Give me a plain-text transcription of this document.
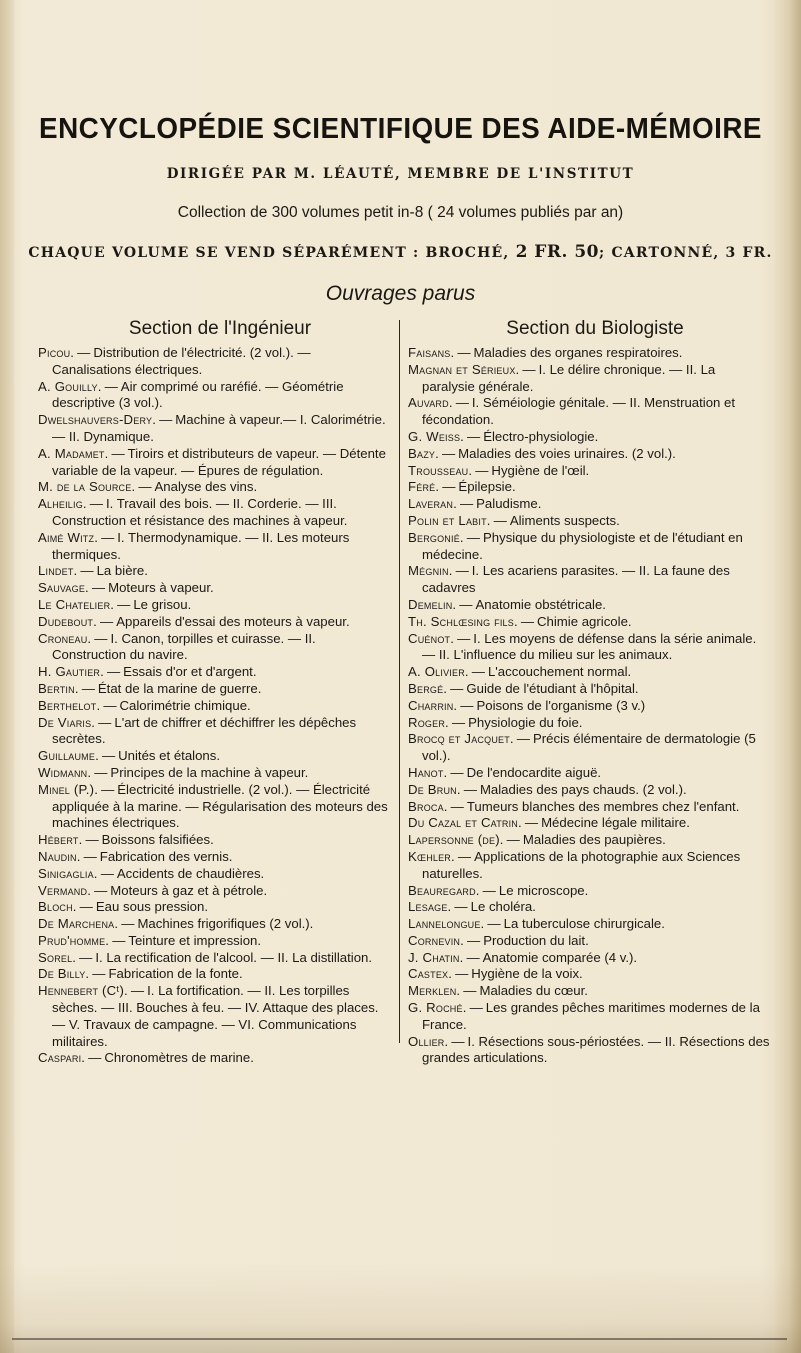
ENCYCLOPÉDIE SCIENTIFIQUE DES AIDE-MÉMOIRE
DIRIGÉE PAR M. LÉAUTÉ, MEMBRE DE L'INSTITUT
Collection de 300 volumes petit in-8 ( 24 volumes publiés par an)
CHAQUE VOLUME SE VEND SÉPARÉMENT : BROCHÉ, 2 FR. 50; CARTONNÉ, 3 FR.
Ouvrages parus
Section de l'Ingénieur
Picou. — Distribution de l'électricité. (2 vol.). — Canalisations électriques.
A. Gouilly. — Air comprimé ou raréfié. — Géométrie descriptive (3 vol.).
Dwelshauvers-Dery. — Machine à vapeur.— I. Calorimétrie. — II. Dynamique.
A. Madamet. — Tiroirs et distributeurs de vapeur. — Détente variable de la vapeur. — Épures de régulation.
M. de la Source. — Analyse des vins.
Alheilig. — I. Travail des bois. — II. Corderie. — III. Construction et résistance des machines à vapeur.
Aimé Witz. — I. Thermodynamique. — II. Les moteurs thermiques.
Lindet. — La bière.
Sauvage. — Moteurs à vapeur.
Le Chatelier. — Le grisou.
Dudebout. — Appareils d'essai des moteurs à vapeur.
Croneau. — I. Canon, torpilles et cuirasse. — II. Construction du navire.
H. Gautier. — Essais d'or et d'argent.
Bertin. — État de la marine de guerre.
Berthelot. — Calorimétrie chimique.
De Viaris. — L'art de chiffrer et déchiffrer les dépêches secrètes.
Guillaume. — Unités et étalons.
Widmann. — Principes de la machine à vapeur.
Minel (P.). — Électricité industrielle. (2 vol.). — Électricité appliquée à la marine. — Régularisation des moteurs des machines électriques.
Hébert. — Boissons falsifiées.
Naudin. — Fabrication des vernis.
Sinigaglia. — Accidents de chaudières.
Vermand. — Moteurs à gaz et à pétrole.
Bloch. — Eau sous pression.
De Marchena. — Machines frigorifiques (2 vol.).
Prud'homme. — Teinture et impression.
Sorel. — I. La rectification de l'alcool. — II. La distillation.
De Billy. — Fabrication de la fonte.
Hennebert (Cᵗ). — I. La fortification. — II. Les torpilles sèches. — III. Bouches à feu. — IV. Attaque des places. — V. Travaux de campagne. — VI. Communications militaires.
Caspari. — Chronomètres de marine.
Section du Biologiste
Faisans. — Maladies des organes respiratoires.
Magnan et Sérieux. — I. Le délire chronique. — II. La paralysie générale.
Auvard. — I. Séméiologie génitale. — II. Menstruation et fécondation.
G. Weiss. — Électro-physiologie.
Bazy. — Maladies des voies urinaires. (2 vol.).
Trousseau. — Hygiène de l'œil.
Féré. — Épilepsie.
Laveran. — Paludisme.
Polin et Labit. — Aliments suspects.
Bergonié. — Physique du physiologiste et de l'étudiant en médecine.
Mégnin. — I. Les acariens parasites. — II. La faune des cadavres
Demelin. — Anatomie obstétricale.
Th. Schlœsing fils. — Chimie agricole.
Cuénot. — I. Les moyens de défense dans la série animale. — II. L'influence du milieu sur les animaux.
A. Olivier. — L'accouchement normal.
Bergé. — Guide de l'étudiant à l'hôpital.
Charrin. — Poisons de l'organisme (3 v.)
Roger. — Physiologie du foie.
Brocq et Jacquet. — Précis élémentaire de dermatologie (5 vol.).
Hanot. — De l'endocardite aiguë.
De Brun. — Maladies des pays chauds. (2 vol.).
Broca. — Tumeurs blanches des membres chez l'enfant.
Du Cazal et Catrin. — Médecine légale militaire.
Lapersonne (de). — Maladies des paupières.
Kœhler. — Applications de la photographie aux Sciences naturelles.
Beauregard. — Le microscope.
Lesage. — Le choléra.
Lannelongue. — La tuberculose chirurgicale.
Cornevin. — Production du lait.
J. Chatin. — Anatomie comparée (4 v.).
Castex. — Hygiène de la voix.
Merklen. — Maladies du cœur.
G. Roché. — Les grandes pêches maritimes modernes de la France.
Ollier. — I. Résections sous-périostées. — II. Résections des grandes articulations.
